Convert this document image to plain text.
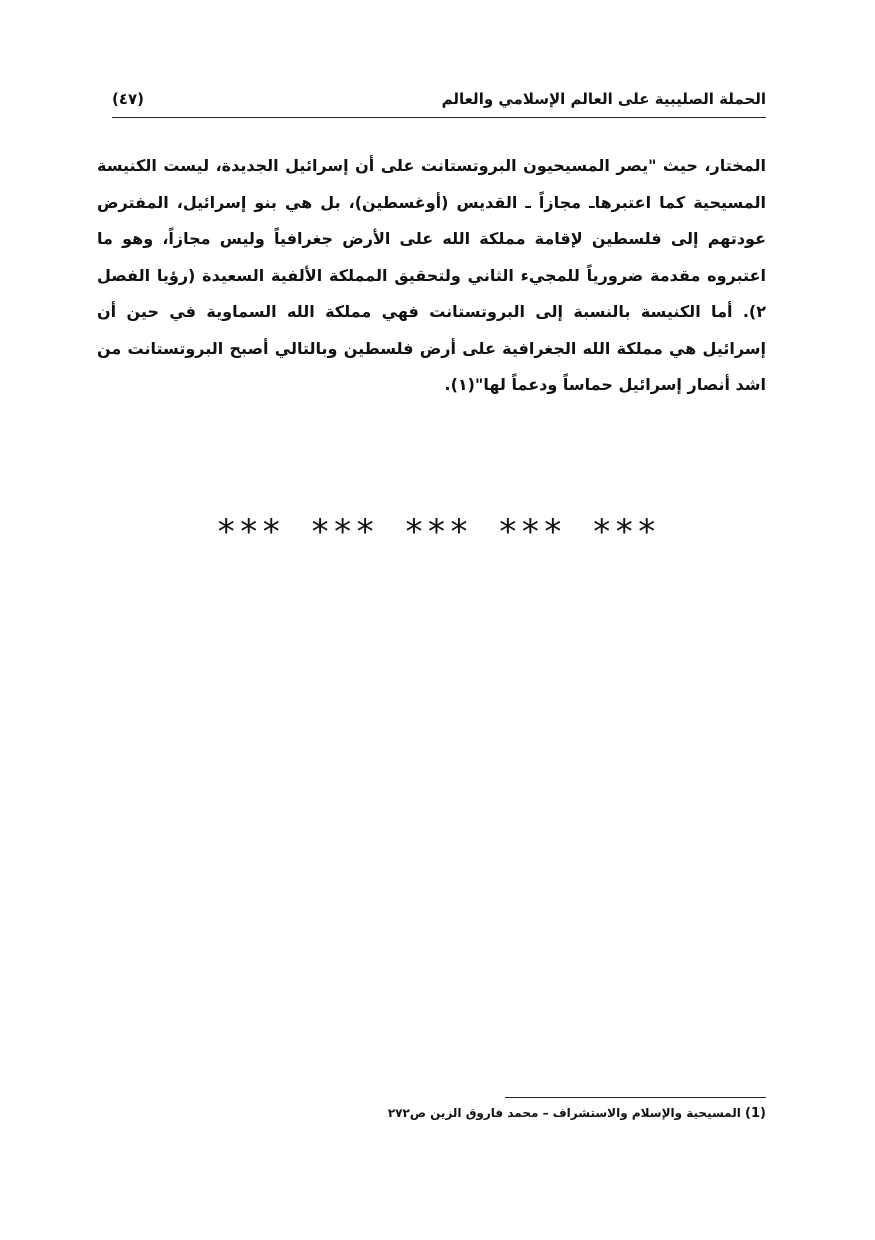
الحملة الصليبية على العالم الإسلامي والعالم
(٤٧)

المختار، حيث "يصر المسيحيون البروتستانت على أن إسرائيل الجديدة، ليست الكنيسة المسيحية كما اعتبرهاـ مجازاً ـ القديس (أوغسطين)، بل هي بنو إسرائيل، المفترض عودتهم إلى فلسطين لإقامة مملكة الله على الأرض جغرافياً وليس مجازاً، وهو ما اعتبروه مقدمة ضرورياً للمجيء الثاني ولتحقيق المملكة الألفية السعيدة (رؤيا الفصل ٢). أما الكنيسة بالنسبة إلى البروتستانت فهي مملكة الله السماوية في حين أن إسرائيل هي مملكة الله الجغرافية على أرض فلسطين وبالتالي أصبح البروتستانت من اشد أنصار إسرائيل حماساً ودعماً لها"(١).

*** *** *** *** ***
(1) المسيحية والإسلام والاستشراف – محمد فاروق الزين ص٢٧٢
